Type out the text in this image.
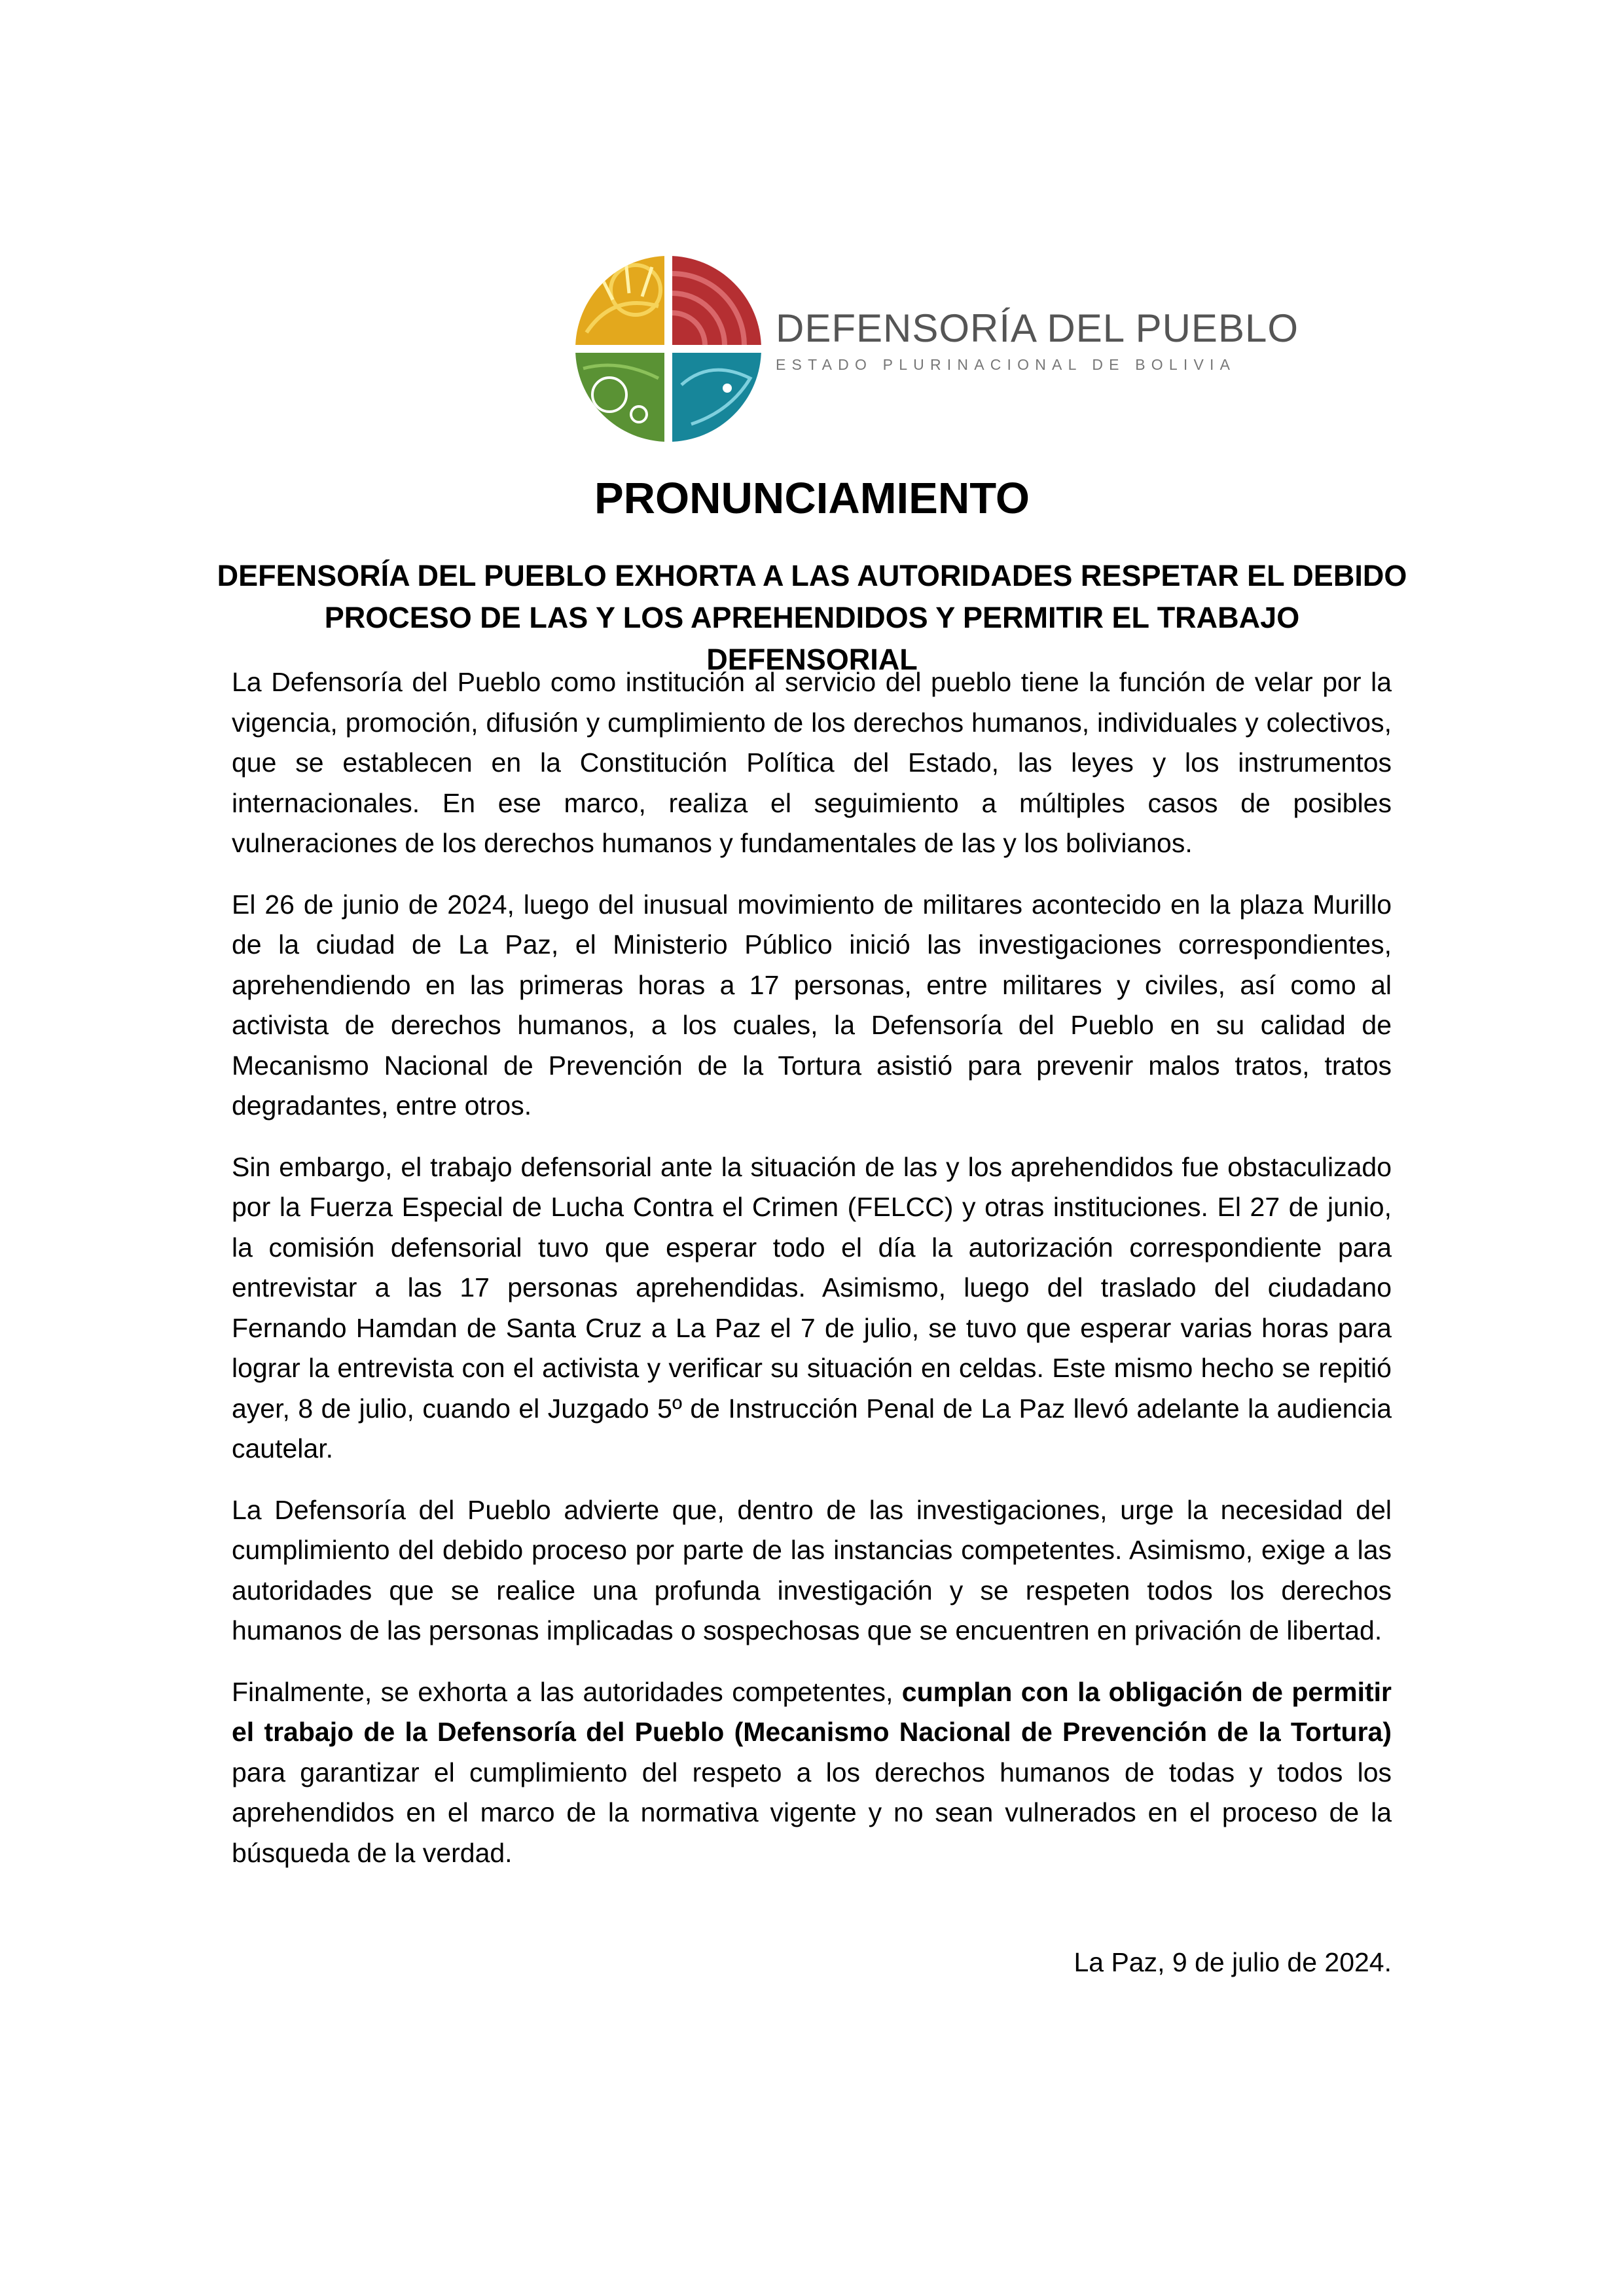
DEFENSORÍA DEL PUEBLO
ESTADO PLURINACIONAL DE BOLIVIA
PRONUNCIAMIENTO
DEFENSORÍA DEL PUEBLO EXHORTA A LAS AUTORIDADES RESPETAR EL DEBIDO PROCESO DE LAS Y LOS APREHENDIDOS Y PERMITIR EL TRABAJO DEFENSORIAL

La Defensoría del Pueblo como institución al servicio del pueblo tiene la función de velar por la vigencia, promoción, difusión y cumplimiento de los derechos humanos, individuales y colectivos, que se establecen en la Constitución Política del Estado, las leyes y los instrumentos internacionales. En ese marco, realiza el seguimiento a múltiples casos de posibles vulneraciones de los derechos humanos y fundamentales de las y los bolivianos.

El 26 de junio de 2024, luego del inusual movimiento de militares acontecido en la plaza Murillo de la ciudad de La Paz, el Ministerio Público inició las investigaciones correspondientes, aprehendiendo en las primeras horas a 17 personas, entre militares y civiles, así como al activista de derechos humanos, a los cuales, la Defensoría del Pueblo en su calidad de Mecanismo Nacional de Prevención de la Tortura asistió para prevenir malos tratos, tratos degradantes, entre otros.

Sin embargo, el trabajo defensorial ante la situación de las y los aprehendidos fue obstaculizado por la Fuerza Especial de Lucha Contra el Crimen (FELCC) y otras instituciones. El 27 de junio, la comisión defensorial tuvo que esperar todo el día la autorización correspondiente para entrevistar a las 17 personas aprehendidas. Asimismo, luego del traslado del ciudadano Fernando Hamdan de Santa Cruz a La Paz el 7 de julio, se tuvo que esperar varias horas para lograr la entrevista con el activista y verificar su situación en celdas. Este mismo hecho se repitió ayer, 8 de julio, cuando el Juzgado 5º de Instrucción Penal de La Paz llevó adelante la audiencia cautelar.

La Defensoría del Pueblo advierte que, dentro de las investigaciones, urge la necesidad del cumplimiento del debido proceso por parte de las instancias competentes. Asimismo, exige a las autoridades que se realice una profunda investigación y se respeten todos los derechos humanos de las personas implicadas o sospechosas que se encuentren en privación de libertad.

Finalmente, se exhorta a las autoridades competentes, cumplan con la obligación de permitir el trabajo de la Defensoría del Pueblo (Mecanismo Nacional de Prevención de la Tortura) para garantizar el cumplimiento del respeto a los derechos humanos de todas y todos los aprehendidos en el marco de la normativa vigente y no sean vulnerados en el proceso de la búsqueda de la verdad.

La Paz, 9 de julio de 2024.
